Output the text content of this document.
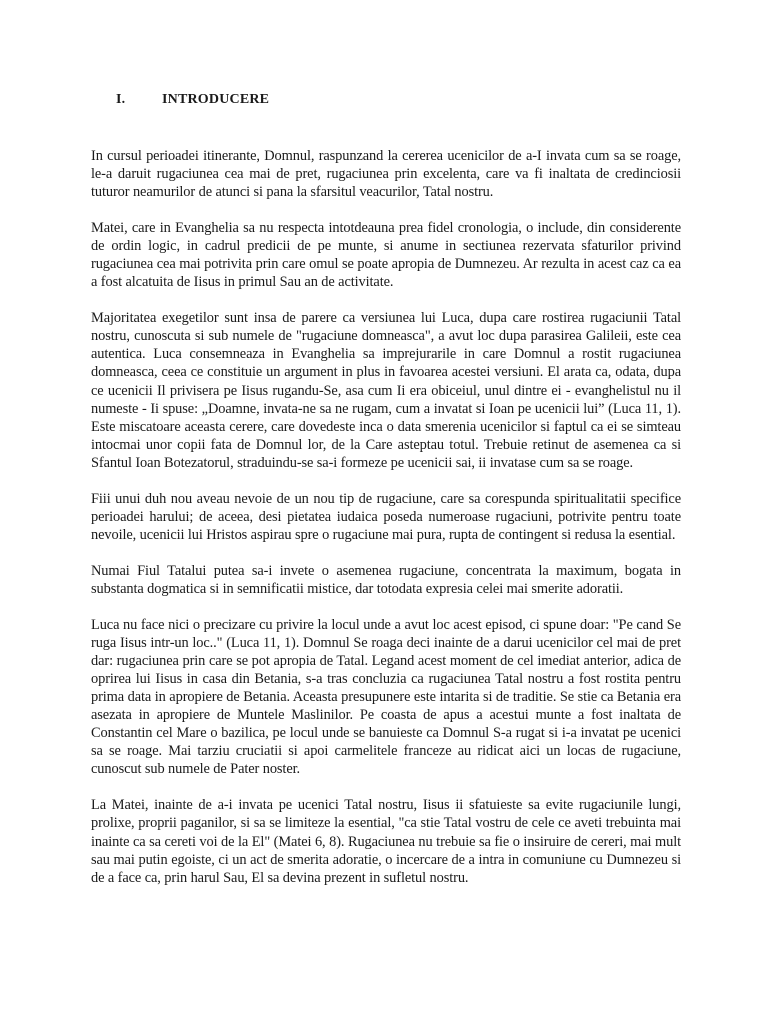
I.	INTRODUCERE

In cursul perioadei itinerante, Domnul, raspunzand la cererea ucenicilor de a-I invata cum sa se roage, le-a daruit rugaciunea cea mai de pret, rugaciunea prin excelenta, care va fi inaltata de credinciosii tuturor neamurilor de atunci si pana la sfarsitul veacurilor, Tatal nostru.

Matei, care in Evanghelia sa nu respecta intotdeauna prea fidel cronologia, o include, din considerente de ordin logic, in cadrul predicii de pe munte, si anume in sectiunea rezervata sfaturilor privind rugaciunea cea mai potrivita prin care omul se poate apropia de Dumnezeu. Ar rezulta in acest caz ca ea a fost alcatuita de Iisus in primul Sau an de activitate.

Majoritatea exegetilor sunt insa de parere ca versiunea lui Luca, dupa care rostirea rugaciunii Tatal nostru, cunoscuta si sub numele de "rugaciune domneasca", a avut loc dupa parasirea Galileii, este cea autentica. Luca consemneaza in Evanghelia sa imprejurarile in care Domnul a rostit rugaciunea domneasca, ceea ce constituie un argument in plus in favoarea acestei versiuni. El arata ca, odata, dupa ce ucenicii Il privisera pe Iisus rugandu-Se, asa cum Ii era obiceiul, unul dintre ei - evanghelistul nu il numeste - Ii spuse: „Doamne, invata-ne sa ne rugam, cum a invatat si Ioan pe ucenicii lui” (Luca 11, 1). Este miscatoare aceasta cerere, care dovedeste inca o data smerenia ucenicilor si faptul ca ei se simteau intocmai unor copii fata de Domnul lor, de la Care asteptau totul. Trebuie retinut de asemenea ca si Sfantul Ioan Botezatorul, straduindu-se sa-i formeze pe ucenicii sai, ii invatase cum sa se roage.

Fiii unui duh nou aveau nevoie de un nou tip de rugaciune, care sa corespunda spiritualitatii specifice perioadei harului; de aceea, desi pietatea iudaica poseda numeroase rugaciuni, potrivite pentru toate nevoile, ucenicii lui Hristos aspirau spre o rugaciune mai pura, rupta de contingent si redusa la esential.

Numai Fiul Tatalui putea sa-i invete o asemenea rugaciune, concentrata la maximum, bogata in substanta dogmatica si in semnificatii mistice, dar totodata expresia celei mai smerite adoratii.

Luca nu face nici o precizare cu privire la locul unde a avut loc acest episod, ci spune doar: "Pe cand Se ruga Iisus intr-un loc.." (Luca 11, 1). Domnul Se roaga deci inainte de a darui ucenicilor cel mai de pret dar: rugaciunea prin care se pot apropia de Tatal. Legand acest moment de cel imediat anterior, adica de oprirea lui Iisus in casa din Betania, s-a tras concluzia ca rugaciunea Tatal nostru a fost rostita pentru prima data in apropiere de Betania. Aceasta presupunere este intarita si de traditie. Se stie ca Betania era asezata in apropiere de Muntele Maslinilor. Pe coasta de apus a acestui munte a fost inaltata de Constantin cel Mare o bazilica, pe locul unde se banuieste ca Domnul S-a rugat si i-a invatat pe ucenici sa se roage. Mai tarziu cruciatii si apoi carmelitele franceze au ridicat aici un locas de rugaciune, cunoscut sub numele de Pater noster.

La Matei, inainte de a-i invata pe ucenici Tatal nostru, Iisus ii sfatuieste sa evite rugaciunile lungi, prolixe, proprii paganilor, si sa se limiteze la esential, "ca stie Tatal vostru de cele ce aveti trebuinta mai inainte ca sa cereti voi de la El" (Matei 6, 8). Rugaciunea nu trebuie sa fie o insiruire de cereri, mai mult sau mai putin egoiste, ci un act de smerita adoratie, o incercare de a intra in comuniune cu Dumnezeu si de a face ca, prin harul Sau, El sa devina prezent in sufletul nostru.
